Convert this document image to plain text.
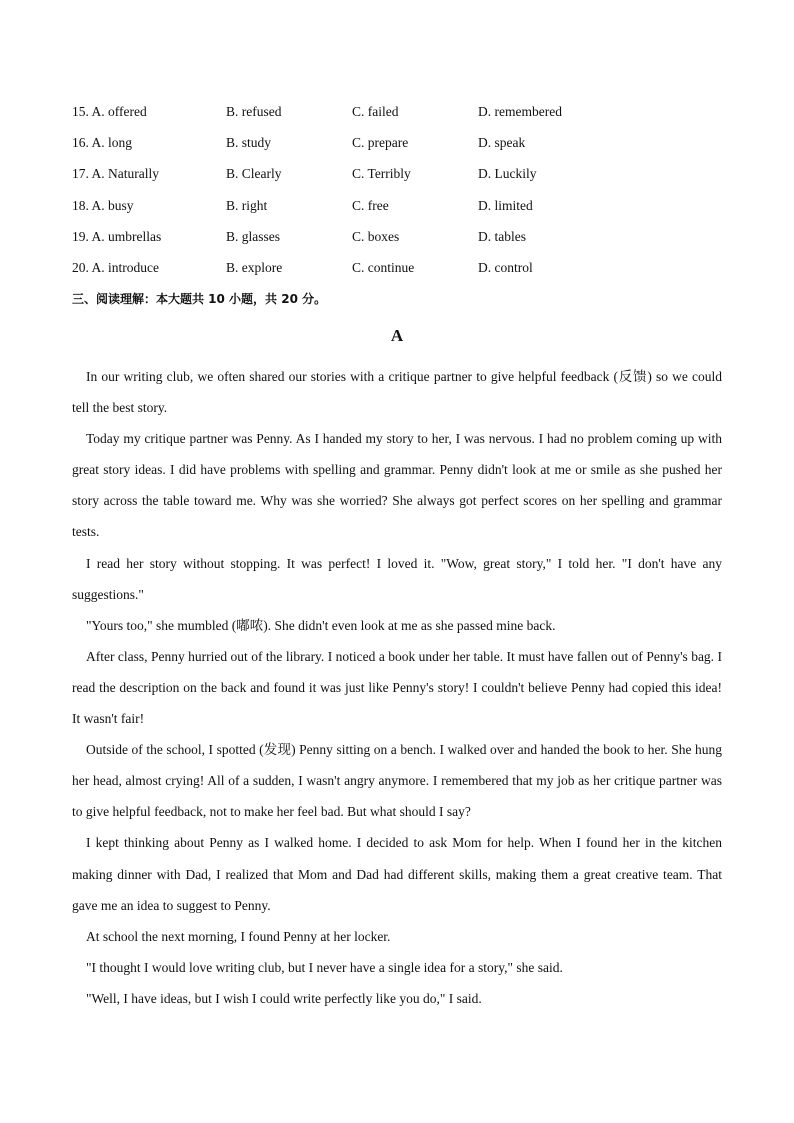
15. A. offered	B. refused	C. failed	D. remembered
16. A. long	B. study	C. prepare	D. speak
17. A. Naturally	B. Clearly	C. Terribly	D. Luckily
18. A. busy	B. right	C. free	D. limited
19. A. umbrellas	B. glasses	C. boxes	D. tables
20. A. introduce	B. explore	C. continue	D. control
三、阅读理解：本大题共 10 小题，共 20 分。
A

In our writing club, we often shared our stories with a critique partner to give helpful feedback (反馈) so we could tell the best story.

Today my critique partner was Penny. As I handed my story to her, I was nervous. I had no problem coming up with great story ideas. I did have problems with spelling and grammar. Penny didn't look at me or smile as she pushed her story across the table toward me. Why was she worried? She always got perfect scores on her spelling and grammar tests.

I read her story without stopping. It was perfect! I loved it. "Wow, great story," I told her. "I don't have any suggestions."

"Yours too," she mumbled (嘟哝). She didn't even look at me as she passed mine back.

After class, Penny hurried out of the library. I noticed a book under her table. It must have fallen out of Penny's bag. I read the description on the back and found it was just like Penny's story! I couldn't believe Penny had copied this idea! It wasn't fair!

Outside of the school, I spotted (发现) Penny sitting on a bench. I walked over and handed the book to her. She hung her head, almost crying! All of a sudden, I wasn't angry anymore. I remembered that my job as her critique partner was to give helpful feedback, not to make her feel bad. But what should I say?

I kept thinking about Penny as I walked home. I decided to ask Mom for help. When I found her in the kitchen making dinner with Dad, I realized that Mom and Dad had different skills, making them a great creative team. That gave me an idea to suggest to Penny.

At school the next morning, I found Penny at her locker.

"I thought I would love writing club, but I never have a single idea for a story," she said.

"Well, I have ideas, but I wish I could write perfectly like you do," I said.
